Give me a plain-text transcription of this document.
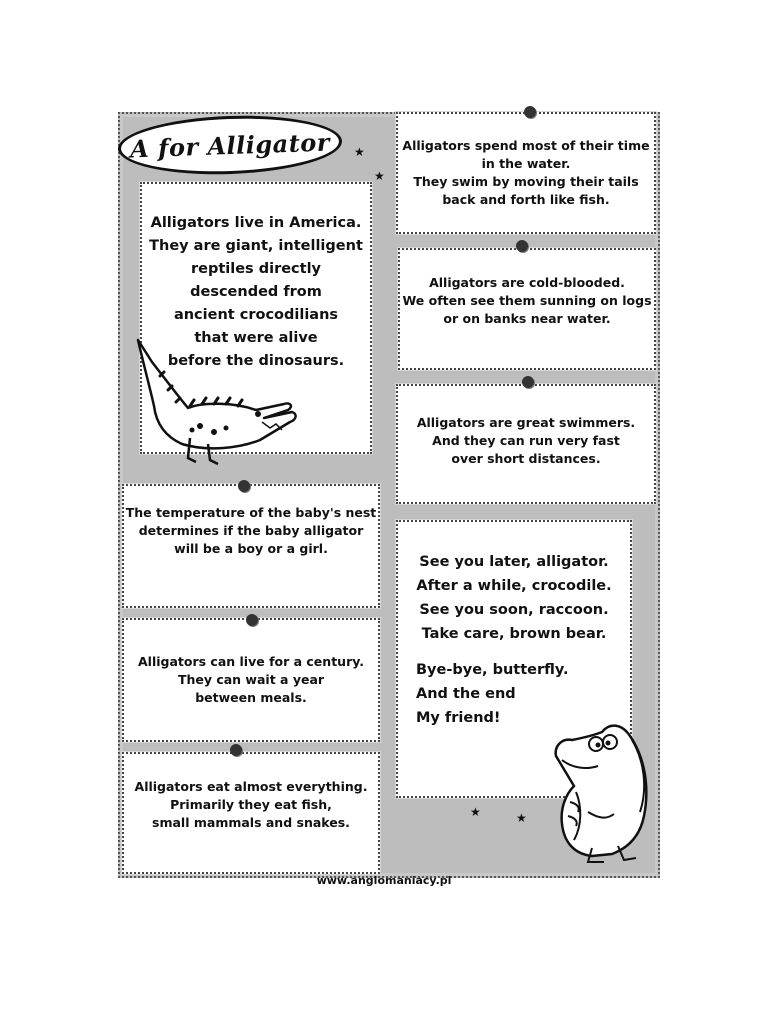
A for Alligator

Alligators live in America.
They are giant, intelligent
reptiles directly
descended from
ancient crocodilians
that were alive
before the dinosaurs.

The temperature of the baby's nest
determines if the baby alligator
will be a boy or a girl.

Alligators can live for a century.
They can wait a year
between meals.

Alligators eat almost everything.
Primarily they eat fish,
small mammals and snakes.

Alligators spend most of their time
in the water.
They swim by moving their tails
back and forth like fish.

Alligators are cold-blooded.
We often see them sunning on logs
or on banks near water.

Alligators are great swimmers.
And they can run very fast
over short distances.

See you later, alligator.
After a while, crocodile.
See you soon, raccoon.
Take care, brown bear.

Bye-bye, butterfly.
And the end
My friend!

★
★
★	★
www.anglomaniacy.pl
